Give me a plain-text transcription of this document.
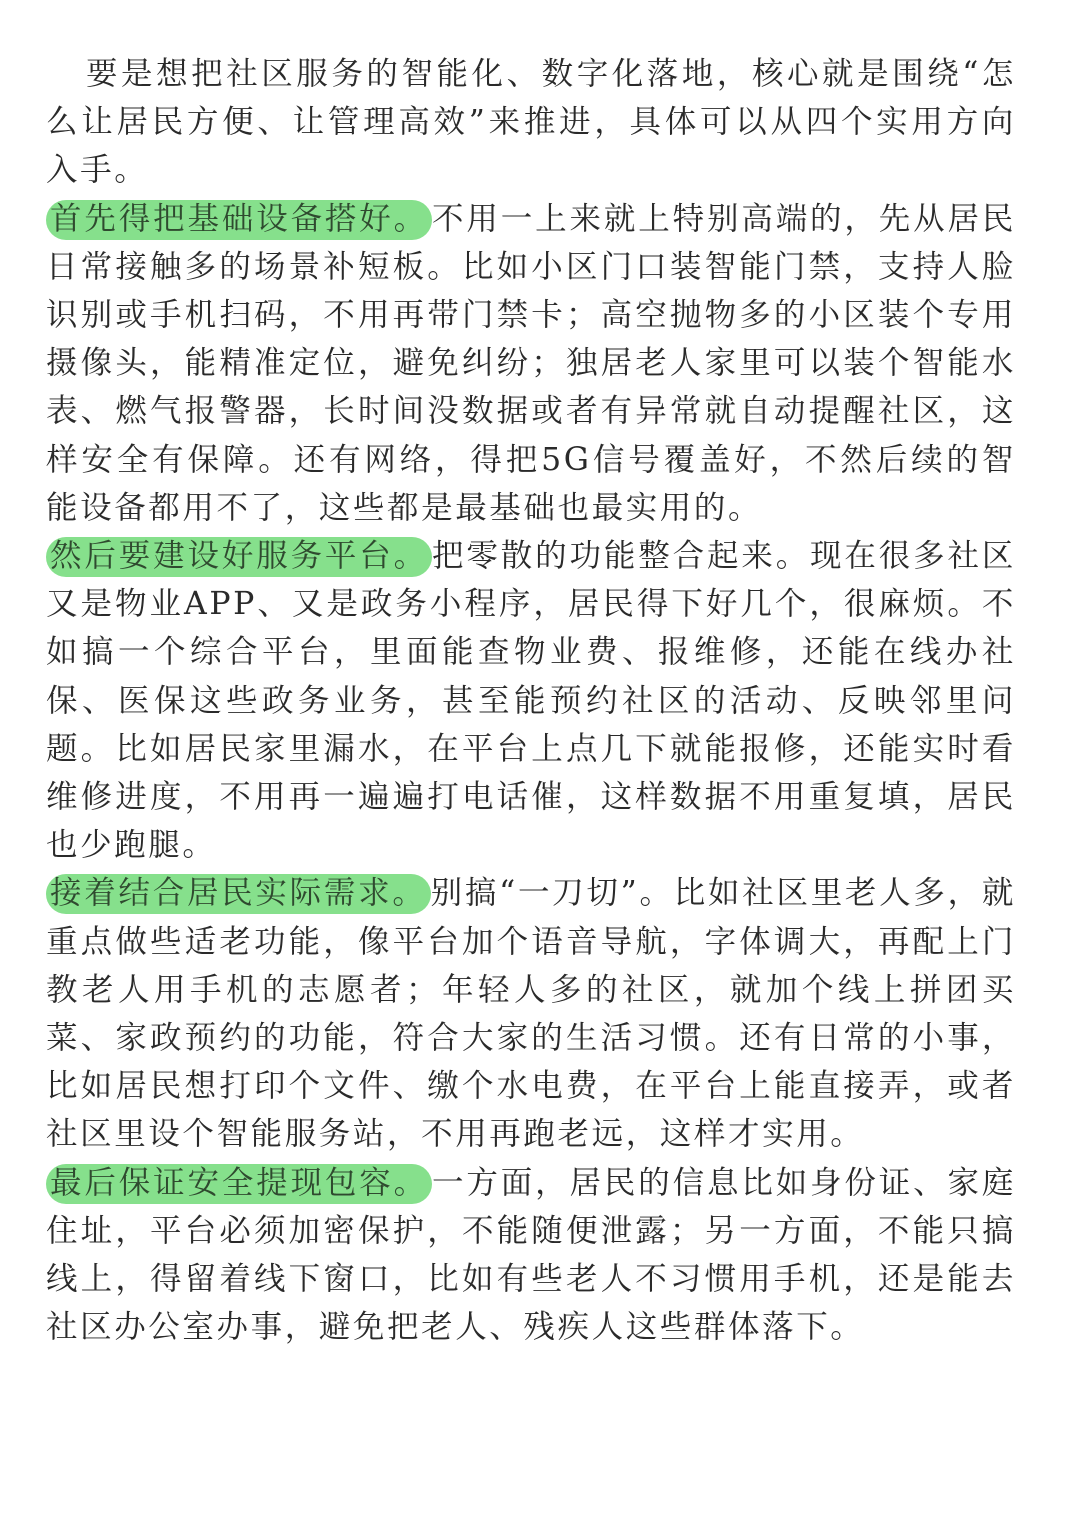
要是想把社区服务的智能化、数字化落地，核心就是围绕“怎么让居民方便、让管理高效”来推进，具体可以从四个实用方向入手。

首先得把基础设备搭好。 不用一上来就上特别高端的，先从居民日常接触多的场景补短板。比如小区门口装智能门禁，支持人脸识别或手机扫码，不用再带门禁卡；高空抛物多的小区装个专用摄像头，能精准定位，避免纠纷；独居老人家里可以装个智能水表、燃气报警器，长时间没数据或者有异常就自动提醒社区，这样安全有保障。还有网络，得把5G信号覆盖好，不然后续的智能设备都用不了，这些都是最基础也最实用的。

然后要建设好服务平台。 把零散的功能整合起来。现在很多社区又是物业APP、又是政务小程序，居民得下好几个，很麻烦。不如搞一个综合平台，里面能查物业费、报维修，还能在线办社保、医保这些政务业务，甚至能预约社区的活动、反映邻里问题。比如居民家里漏水，在平台上点几下就能报修，还能实时看维修进度，不用再一遍遍打电话催，这样数据不用重复填，居民也少跑腿。

接着结合居民实际需求。 别搞“一刀切”。比如社区里老人多，就重点做些适老功能，像平台加个语音导航，字体调大，再配上门教老人用手机的志愿者；年轻人多的社区，就加个线上拼团买菜、家政预约的功能，符合大家的生活习惯。还有日常的小事，比如居民想打印个文件、缴个水电费，在平台上能直接弄，或者社区里设个智能服务站，不用再跑老远，这样才实用。

最后保证安全提现包容。 一方面，居民的信息比如身份证、家庭住址，平台必须加密保护，不能随便泄露；另一方面，不能只搞线上，得留着线下窗口，比如有些老人不习惯用手机，还是能去社区办公室办事，避免把老人、残疾人这些群体落下。
